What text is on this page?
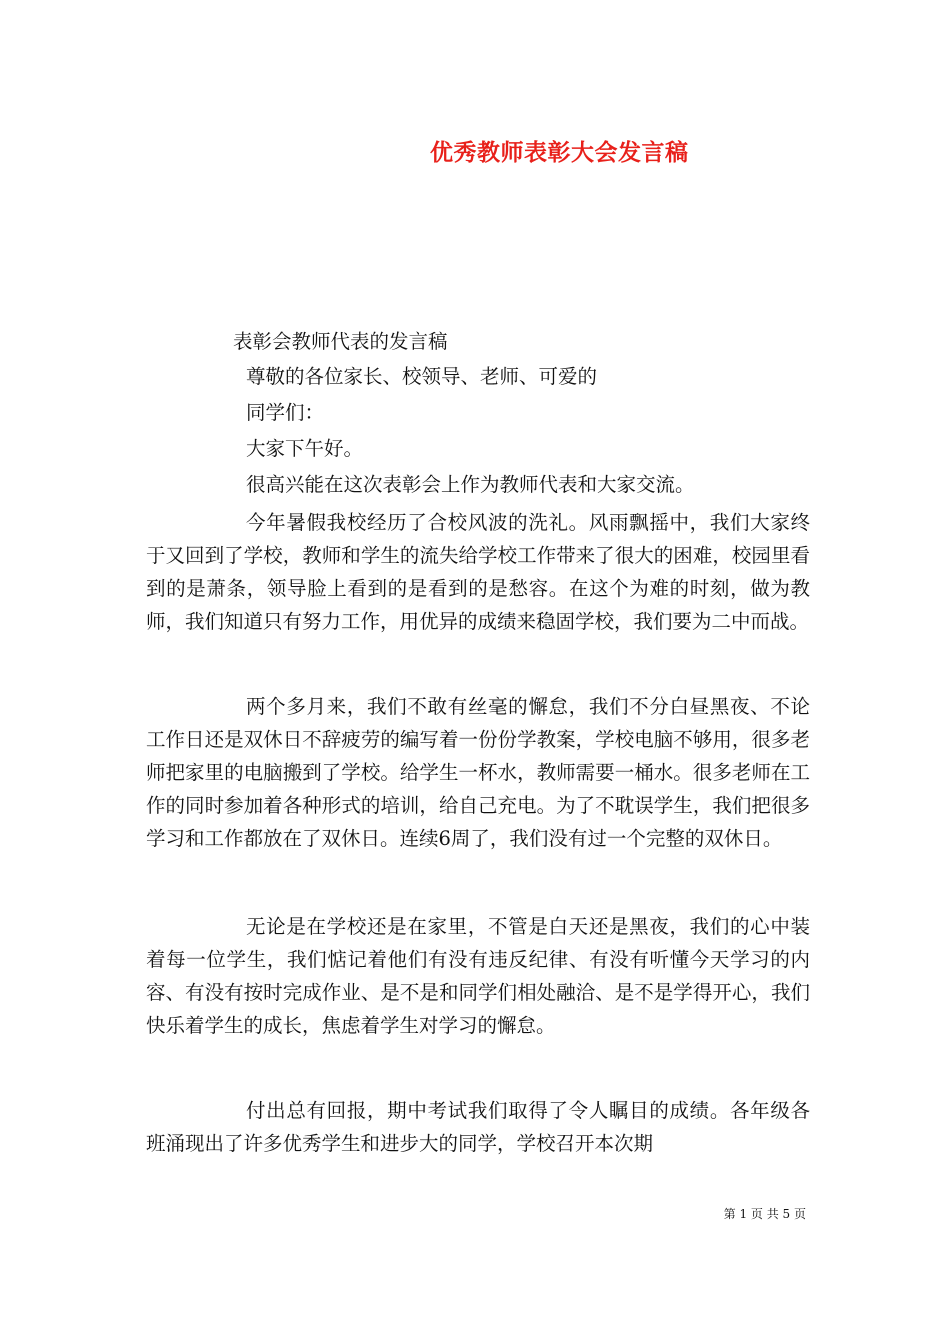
优秀教师表彰大会发言稿
表彰会教师代表的发言稿
尊敬的各位家长、校领导、老师、可爱的
同学们：
大家下午好。
很高兴能在这次表彰会上作为教师代表和大家交流。
今年暑假我校经历了合校风波的洗礼。风雨飘摇中，我们大家终于又回到了学校，教师和学生的流失给学校工作带来了很大的困难，校园里看到的是萧条，领导脸上看到的是看到的是愁容。在这个为难的时刻，做为教师，我们知道只有努力工作，用优异的成绩来稳固学校，我们要为二中而战。
两个多月来，我们不敢有丝毫的懈怠，我们不分白昼黑夜、不论工作日还是双休日不辞疲劳的编写着一份份学教案，学校电脑不够用，很多老师把家里的电脑搬到了学校。给学生一杯水，教师需要一桶水。很多老师在工作的同时参加着各种形式的培训，给自己充电。为了不耽误学生，我们把很多学习和工作都放在了双休日。连续6周了，我们没有过一个完整的双休日。
无论是在学校还是在家里，不管是白天还是黑夜，我们的心中装着每一位学生，我们惦记着他们有没有违反纪律、有没有听懂今天学习的内容、有没有按时完成作业、是不是和同学们相处融洽、是不是学得开心，我们快乐着学生的成长，焦虑着学生对学习的懈怠。
付出总有回报，期中考试我们取得了令人瞩目的成绩。各年级各班涌现出了许多优秀学生和进步大的同学，学校召开本次期
第 1 页 共 5 页
